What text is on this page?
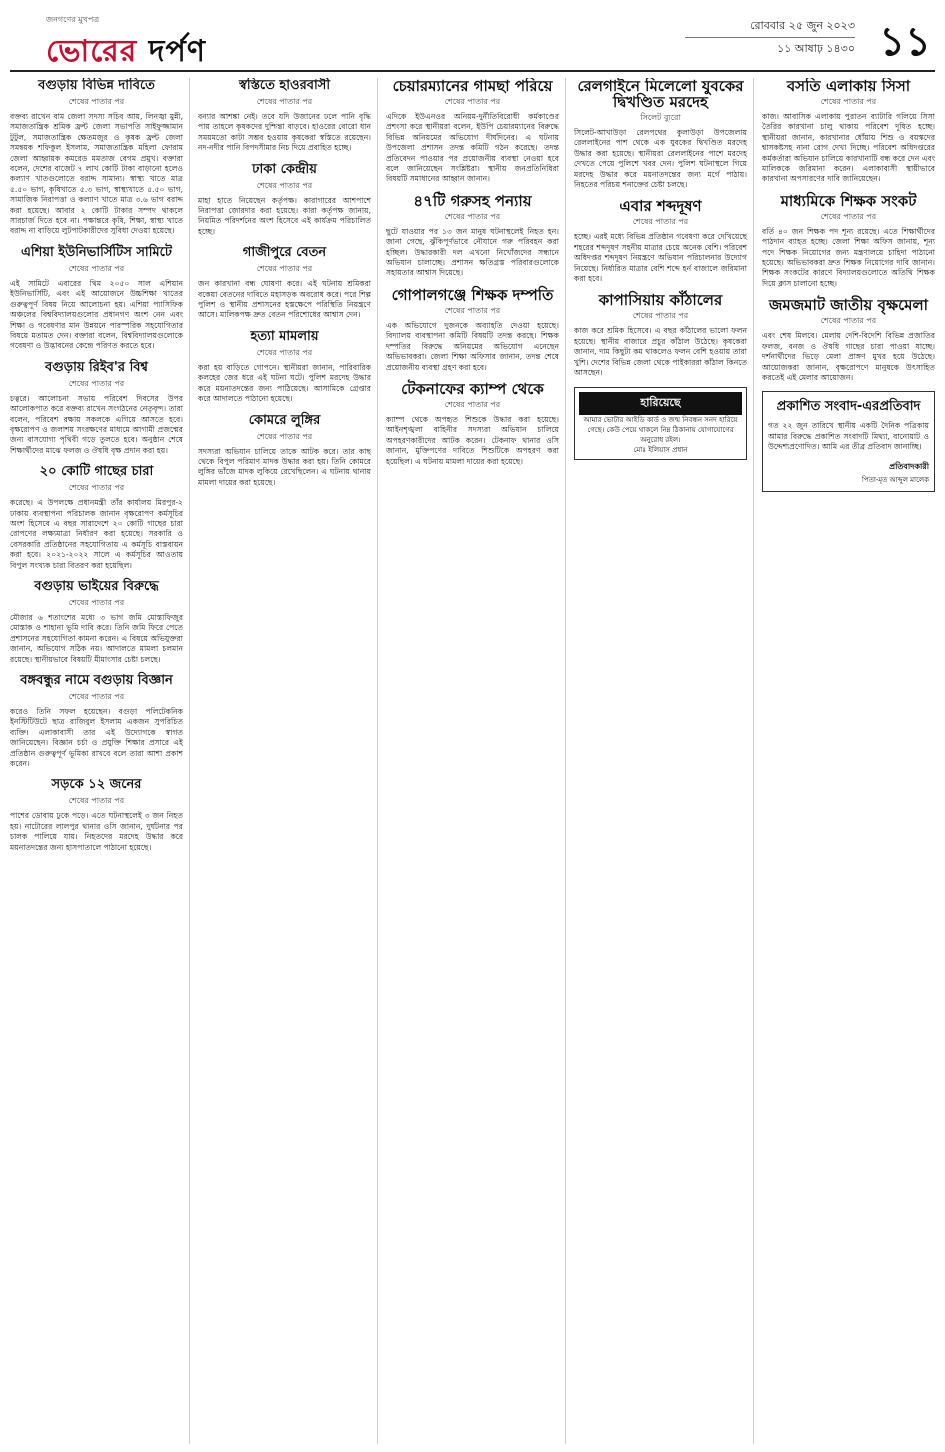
জনগণের মুখপত্র
ভোরের দর্পণ
রোববার ২৫ জুন ২০২৩
১১ আষাঢ় ১৪৩০ ১১
বগুড়ায় বিভিন্ন দাবিতে
শেষের পাতার পর

বক্তব্য রাখেন বাম জেলা সদস্য সচিব আয়, লিনজ্বা মুন্নী, সমাজতান্ত্রিক শ্রমিক ফ্রন্ট জেলা সভাপতি সাইফুজ্জামান টুটুল, সমাজতান্ত্রিক ক্ষেতমজুর ও কৃষক ফ্রন্ট জেলা সমন্বয়ক শফিকুল ইসলাম, সমাজতান্ত্রিক মহিলা ফোরাম জেলা আহ্বায়ক কমরেড মমতাজ বেগম প্রমুখ। বক্তারা বলেন, দেশের বাজেট ৭ লাখ কোটি টাকা বাড়ানো হলেও কল্যাণ খাতগুলোতে বরাদ্দ সামান্য। স্বাস্থ্য খাতে মাত্র ৫.৫০ ভাগ, কৃষিখাতে ৫.৩ ভাগ, স্বাস্থ্যখাতে ৫.৫০ ভাগ, সামাজিক নিরাপত্তা ও কল্যাণ খাতে মাত্র ৩.৬ ভাগ বরাদ্দ করা হয়েছে। আবার ২ কোটি টাকার সম্পদ থাকলে সারচার্জ দিতে হবে না। পক্ষান্তরে কৃষি, শিক্ষা, স্বাস্থ্য খাতে বরাদ্দ না বাড়িয়ে লুটপাটকারীদের সুবিধা দেওয়া হয়েছে।

এশিয়া ইউনিভার্সিটিস সামিটে
শেষের পাতার পর

এই সামিটে এবারের থিম ২০৫০ সাল এশিয়ান ইউনিভার্সিটি, এবং এই আয়োজনে উচ্চশিক্ষা খাতের গুরুত্বপূর্ণ বিষয় নিয়ে আলোচনা হয়। এশিয়া প্যাসিফিক অঞ্চলের বিশ্ববিদ্যালয়গুলোর প্রধানগণ অংশ নেন এবং শিক্ষা ও গবেষণার মান উন্নয়নে পারস্পরিক সহযোগিতার বিষয়ে মতামত দেন। বক্তারা বলেন, বিশ্ববিদ্যালয়গুলোকে গবেষণা ও উদ্ভাবনের কেন্দ্রে পরিণত করতে হবে।

বগুড়ায় রিইব'র বিশ্ব
শেষের পাতার পর

চত্বরে। আলোচনা সভায় পরিবেশ দিবসের উপর আলোকপাত করে বক্তব্য রাখেন সংগঠনের নেতৃবৃন্দ। তারা বলেন, পরিবেশ রক্ষায় সকলকে এগিয়ে আসতে হবে। বৃক্ষরোপণ ও জলাশয় সংরক্ষণের মাধ্যমে আগামী প্রজন্মের জন্য বাসযোগ্য পৃথিবী গড়ে তুলতে হবে। অনুষ্ঠান শেষে শিক্ষার্থীদের মাঝে ফলজ ও ঔষধি বৃক্ষ প্রদান করা হয়।

২০ কোটি গাছের চারা
শেষের পাতার পর

করেছে। এ উপলক্ষে প্রধানমন্ত্রী তাঁর কার্যালয় মিরপুর-২ ঢাকায় ব্যবস্থাপনা পরিচালক জানান বৃক্ষরোপণ কর্মসূচির অংশ হিসেবে এ বছর সারাদেশে ২০ কোটি গাছের চারা রোপণের লক্ষ্যমাত্রা নির্ধারণ করা হয়েছে। সরকারি ও বেসরকারি প্রতিষ্ঠানের সহযোগিতায় এ কর্মসূচি বাস্তবায়ন করা হবে। ২০২১-২০২২ সালে এ কর্মসূচির আওতায় বিপুল সংখ্যক চারা বিতরণ করা হয়েছিল।

বগুড়ায় ভাইয়ের বিরুদ্ধে
শেষের পাতার পর

মৌজার ৬ শতাংশের মধ্যে ৩ ভাগ জমি মোস্তাফিজুর মোস্তাক ও শাহানা ভূমি দাবি করে। তিনি জমি ফিরে পেতে প্রশাসনের সহযোগিতা কামনা করেন। এ বিষয়ে অভিযুক্তরা জানান, অভিযোগ সঠিক নয়। আদালতে মামলা চলমান রয়েছে। স্থানীয়ভাবে বিষয়টি মীমাংসার চেষ্টা চলছে।

বঙ্গবন্ধুর নামে বগুড়ায় বিজ্ঞান
শেষের পাতার পর

করেও তিনি সফল হয়েছেন। বগুড়া পলিটেকনিক ইনস্টিটিউটে ছাত্র রাজিবুল ইসলাম একজন সুপরিচিত ব্যক্তি। এলাকাবাসী তার এই উদ্যোগকে স্বাগত জানিয়েছেন। বিজ্ঞান চর্চা ও প্রযুক্তি শিক্ষার প্রসারে এই প্রতিষ্ঠান গুরুত্বপূর্ণ ভূমিকা রাখবে বলে তারা আশা প্রকাশ করেন।

সড়কে ১২ জনের
শেষের পাতার পর

পাশের ডোবায় ঢুকে পড়ে। এতে ঘটনাস্থলেই ৩ জন নিহত হয়। নাটোরের লালপুর থানার ওসি জানান, দুর্ঘটনার পর চালক পালিয়ে যায়। নিহতদের মরদেহ উদ্ধার করে ময়নাতদন্তের জন্য হাসপাতালে পাঠানো হয়েছে।

স্বস্তিতে হাওরবাসী
শেষের পাতার পর

বন্যার আশঙ্কা নেই। তবে যদি উজানের ঢলে পানি বৃদ্ধি পায় তাহলে কৃষকদের দুশ্চিন্তা বাড়বে। হাওরের বোরো ধান সময়মতো কাটা সম্ভব হওয়ায় কৃষকেরা স্বস্তিতে রয়েছেন। নদ-নদীর পানি বিপদসীমার নিচ দিয়ে প্রবাহিত হচ্ছে।

ঢাকা কেন্দ্রীয়
শেষের পাতার পর

মাহা হাতে নিয়েছেন কর্তৃপক্ষ। কারাগারের আশপাশে নিরাপত্তা জোরদার করা হয়েছে। কারা কর্তৃপক্ষ জানায়, নিয়মিত পরিদর্শনের অংশ হিসেবে এই কার্যক্রম পরিচালিত হচ্ছে।

গাজীপুরে বেতন
শেষের পাতার পর

জন কারখানা বন্ধ ঘোষণা করে। এই ঘটনায় শ্রমিকরা বকেয়া বেতনের দাবিতে মহাসড়ক অবরোধ করে। পরে শিল্প পুলিশ ও স্থানীয় প্রশাসনের হস্তক্ষেপে পরিস্থিতি নিয়ন্ত্রণে আসে। মালিকপক্ষ দ্রুত বেতন পরিশোধের আশ্বাস দেন।

হত্যা মামলায়
শেষের পাতার পর

করা হয় বাড়িতে গোপনে। স্থানীয়রা জানান, পারিবারিক কলহের জের ধরে এই ঘটনা ঘটে। পুলিশ মরদেহ উদ্ধার করে ময়নাতদন্তের জন্য পাঠিয়েছে। আসামিকে গ্রেপ্তার করে আদালতে পাঠানো হয়েছে।

কোমরে লুঙ্গির
শেষের পাতার পর

সদস্যরা অভিযান চালিয়ে তাকে আটক করে। তার কাছ থেকে বিপুল পরিমাণ মাদক উদ্ধার করা হয়। তিনি কোমরে লুঙ্গির ভাঁজে মাদক লুকিয়ে রেখেছিলেন। এ ঘটনায় থানায় মামলা দায়ের করা হয়েছে।

চেয়ারম্যানের গামছা পরিয়ে
শেষের পাতার পর

এদিকে ইউএনওর অনিয়ম-দুর্নীতিবিরোধী কর্মকাণ্ডের প্রশংসা করে স্থানীয়রা বলেন, ইউপি চেয়ারম্যানের বিরুদ্ধে বিভিন্ন অনিয়মের অভিযোগ দীর্ঘদিনের। এ ঘটনায় উপজেলা প্রশাসন তদন্ত কমিটি গঠন করেছে। তদন্ত প্রতিবেদন পাওয়ার পর প্রয়োজনীয় ব্যবস্থা নেওয়া হবে বলে জানিয়েছেন সংশ্লিষ্টরা। স্থানীয় জনপ্রতিনিধিরা বিষয়টি সমাধানের আহ্বান জানান।

৪৭টি গরুসহ পন্যায়
শেষের পাতার পর

ছুটে যাওয়ার পর ১৩ জন মানুষ ঘটনাস্থলেই নিহত হন। জানা গেছে, ঝুঁকিপূর্ণভাবে নৌযানে গরু পরিবহন করা হচ্ছিল। উদ্ধারকারী দল এখনো নিখোঁজদের সন্ধানে অভিযান চালাচ্ছে। প্রশাসন ক্ষতিগ্রস্ত পরিবারগুলোকে সহায়তার আশ্বাস দিয়েছে।

গোপালগঞ্জে শিক্ষক দম্পতি
শেষের পাতার পর

এক অভিযোগে দুজনকে অব্যাহতি দেওয়া হয়েছে। বিদ্যালয় ব্যবস্থাপনা কমিটি বিষয়টি তদন্ত করছে। শিক্ষক দম্পতির বিরুদ্ধে অনিয়মের অভিযোগ এনেছেন অভিভাবকরা। জেলা শিক্ষা অফিসার জানান, তদন্ত শেষে প্রয়োজনীয় ব্যবস্থা গ্রহণ করা হবে।

টেকনাফের ক্যাম্প থেকে
শেষের পাতার পর

ক্যাম্প থেকে অপহৃত শিশুকে উদ্ধার করা হয়েছে। আইনশৃঙ্খলা বাহিনীর সদস্যরা অভিযান চালিয়ে অপহরণকারীদের আটক করেন। টেকনাফ থানার ওসি জানান, মুক্তিপণের দাবিতে শিশুটিকে অপহরণ করা হয়েছিল। এ ঘটনায় মামলা দায়ের করা হয়েছে।

রেলগাইনে মিলেলো যুবকের দ্বিখণ্ডিত মরদেহ
সিলেট ব্যুরো

সিলেট-আখাউড়া রেলপথের কুলাউড়া উপজেলায় রেললাইনের পাশ থেকে এক যুবকের দ্বিখণ্ডিত মরদেহ উদ্ধার করা হয়েছে। স্থানীয়রা রেললাইনের পাশে মরদেহ দেখতে পেয়ে পুলিশে খবর দেন। পুলিশ ঘটনাস্থলে গিয়ে মরদেহ উদ্ধার করে ময়নাতদন্তের জন্য মর্গে পাঠায়। নিহতের পরিচয় শনাক্তের চেষ্টা চলছে।

এবার শব্দদূষণ
শেষের পাতার পর

হচ্ছে। এরই মধ্যে বিভিন্ন প্রতিষ্ঠান গবেষণা করে দেখিয়েছে শহরের শব্দদূষণ সহনীয় মাত্রার চেয়ে অনেক বেশি। পরিবেশ অধিদপ্তর শব্দদূষণ নিয়ন্ত্রণে অভিযান পরিচালনার উদ্যোগ নিয়েছে। নির্ধারিত মাত্রার বেশি শব্দে হর্ন বাজালে জরিমানা করা হবে।

কাপাসিয়ায় কাঁঠালের
শেষের পাতার পর

কাজ করে শ্রমিক হিসেবে। এ বছর কাঁঠালের ভালো ফলন হয়েছে। স্থানীয় বাজারে প্রচুর কাঁঠাল উঠেছে। কৃষকেরা জানান, দাম কিছুটা কম থাকলেও ফলন বেশি হওয়ায় তারা খুশি। দেশের বিভিন্ন জেলা থেকে পাইকাররা কাঁঠাল কিনতে আসছেন।

হারিয়েছে
আমার ভোটার আইডি কার্ড ও জন্ম নিবন্ধন সনদ হারিয়ে গেছে। কেউ পেয়ে থাকলে নিম্ন ঠিকানায় যোগাযোগের অনুরোধ রইল।
মোঃ ইলিয়াস প্রধান
বসতি এলাকায় সিসা
শেষের পাতার পর

কাজ। আবাসিক এলাকায় পুরাতন ব্যাটারি গলিয়ে সিসা তৈরির কারখানা চালু থাকায় পরিবেশ দূষিত হচ্ছে। স্থানীয়রা জানান, কারখানার ধোঁয়ায় শিশু ও বয়স্কদের শ্বাসকষ্টসহ নানা রোগ দেখা দিচ্ছে। পরিবেশ অধিদপ্তরের কর্মকর্তারা অভিযান চালিয়ে কারখানাটি বন্ধ করে দেন এবং মালিককে জরিমানা করেন। এলাকাবাসী স্থায়ীভাবে কারখানা অপসারণের দাবি জানিয়েছেন।

মাধ্যমিকে শিক্ষক সংকট
শেষের পাতার পর

বর্তি ৪০ জন শিক্ষক পদ শূন্য রয়েছে। এতে শিক্ষার্থীদের পাঠদান ব্যাহত হচ্ছে। জেলা শিক্ষা অফিস জানায়, শূন্য পদে শিক্ষক নিয়োগের জন্য মন্ত্রণালয়ে চাহিদা পাঠানো হয়েছে। অভিভাবকরা দ্রুত শিক্ষক নিয়োগের দাবি জানান। শিক্ষক সংকটের কারণে বিদ্যালয়গুলোতে অতিথি শিক্ষক দিয়ে ক্লাস চালানো হচ্ছে।

জমজমাট জাতীয় বৃক্ষমেলা
শেষের পাতার পর

এবং শেষ মিলবে। মেলায় দেশি-বিদেশি বিভিন্ন প্রজাতির ফলজ, বনজ ও ঔষধি গাছের চারা পাওয়া যাচ্ছে। দর্শনার্থীদের ভিড়ে মেলা প্রাঙ্গণ মুখর হয়ে উঠেছে। আয়োজকরা জানান, বৃক্ষরোপণে মানুষকে উৎসাহিত করতেই এই মেলার আয়োজন।

প্রকাশিত সংবাদ-এরপ্রতিবাদ

গত ২২ জুন তারিখে স্থানীয় একটি দৈনিক পত্রিকায় আমার বিরুদ্ধে প্রকাশিত সংবাদটি মিথ্যা, বানোয়াট ও উদ্দেশ্যপ্রণোদিত। আমি এর তীব্র প্রতিবাদ জানাচ্ছি।

প্রতিবাদকারী
পিতা-মৃত আব্দুল মালেক
